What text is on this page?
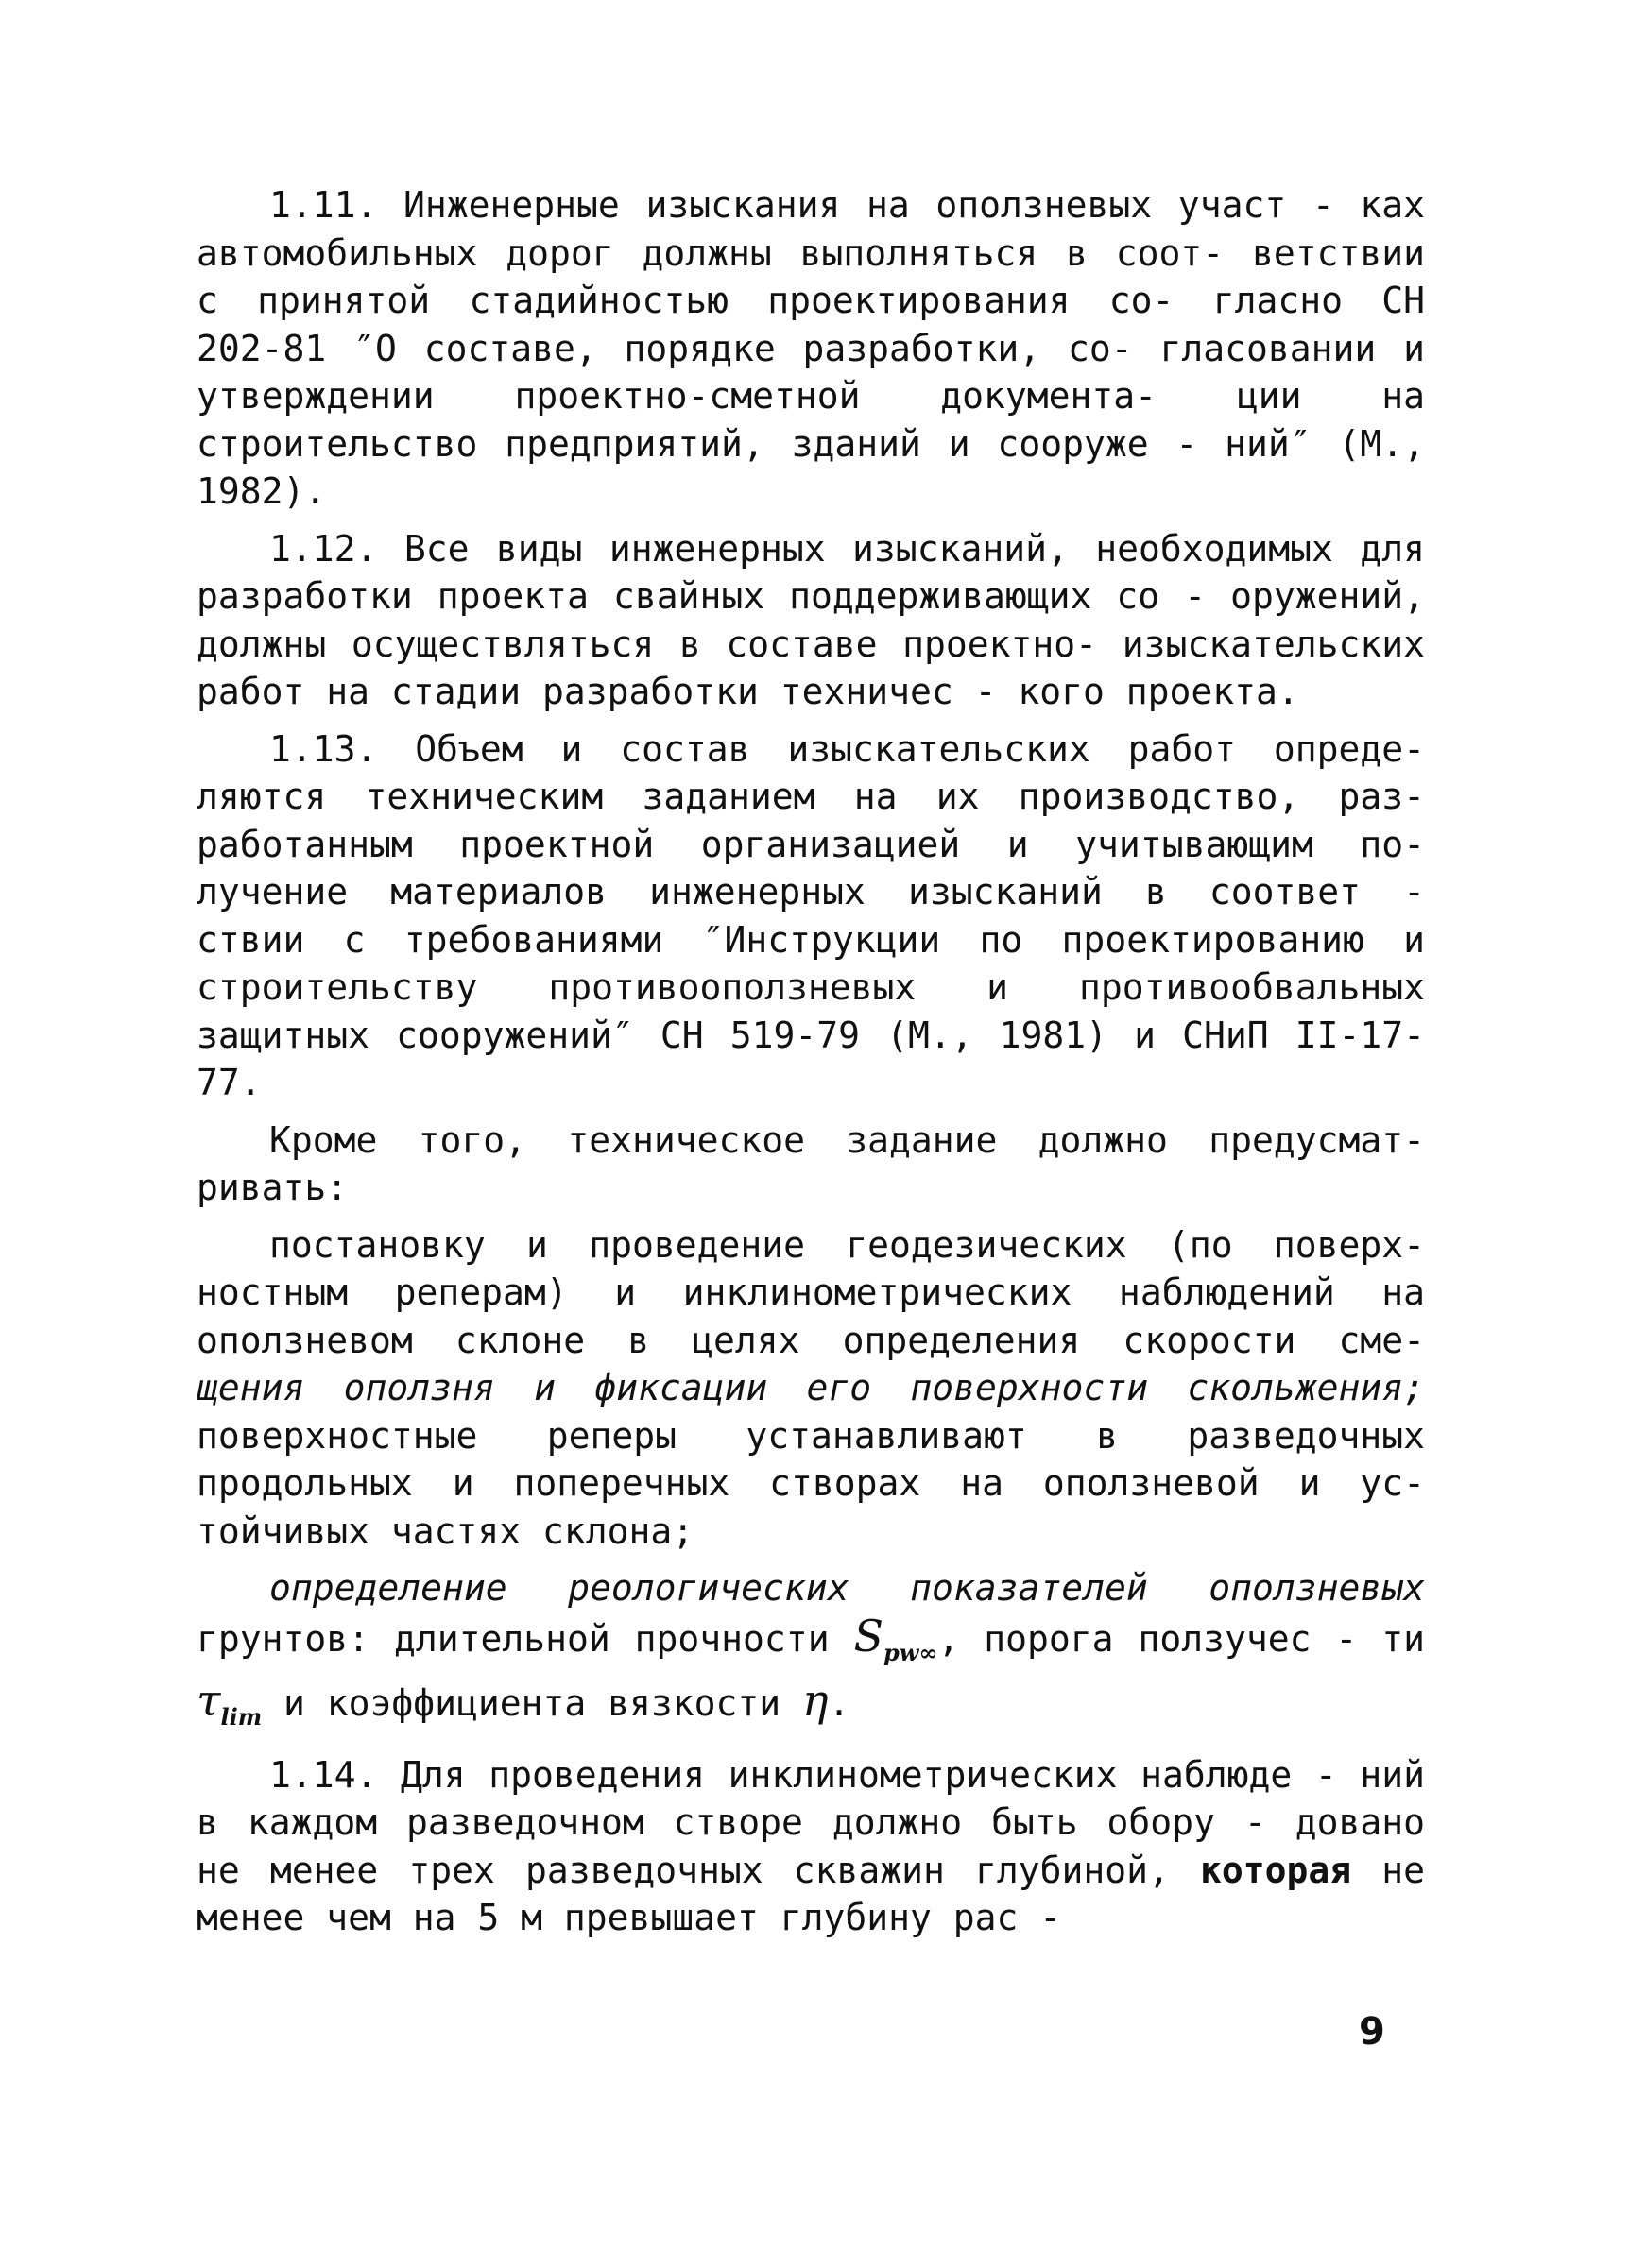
1.11. Инженерные изыскания на оползневых участ - ках автомобильных дорог должны выполняться в соот- ветствии с принятой стадийностью проектирования со- гласно СН 202-81 ″О составе, порядке разработки, со- гласовании и утверждении проектно-сметной документа- ции на строительство предприятий, зданий и сооруже - ний″ (М., 1982).

1.12. Все виды инженерных изысканий, необходимых для разработки проекта свайных поддерживающих со - оружений, должны осуществляться в составе проектно- изыскательских работ на стадии разработки техничес - кого проекта.

1.13. Объем и состав изыскательских работ опреде- ляются техническим заданием на их производство, раз- работанным проектной организацией и учитывающим по- лучение материалов инженерных изысканий в соответ - ствии с требованиями ″Инструкции по проектированию и строительству противооползневых и противообвальных защитных сооружений″ СН 519-79 (М., 1981) и СНиП II-17-77.

Кроме того, техническое задание должно предусмат- ривать:

постановку и проведение геодезических (по поверх- ностным реперам) и инклинометрических наблюдений на оползневом склоне в целях определения скорости сме- щения оползня и фиксации его поверхности скольжения; поверхностные реперы устанавливают в разведочных продольных и поперечных створах на оползневой и ус- тойчивых частях склона;

определение реологических показателей оползневых грунтов: длительной прочности $S_{pw\infty}$, порога ползучес - ти $\tau_{lim}$ и коэффициента вязкости η.

1.14. Для проведения инклинометрических наблюде - ний в каждом разведочном створе должно быть обору - довано не менее трех разведочных скважин глубиной, которая не менее чем на 5 м превышает глубину рас -

9
